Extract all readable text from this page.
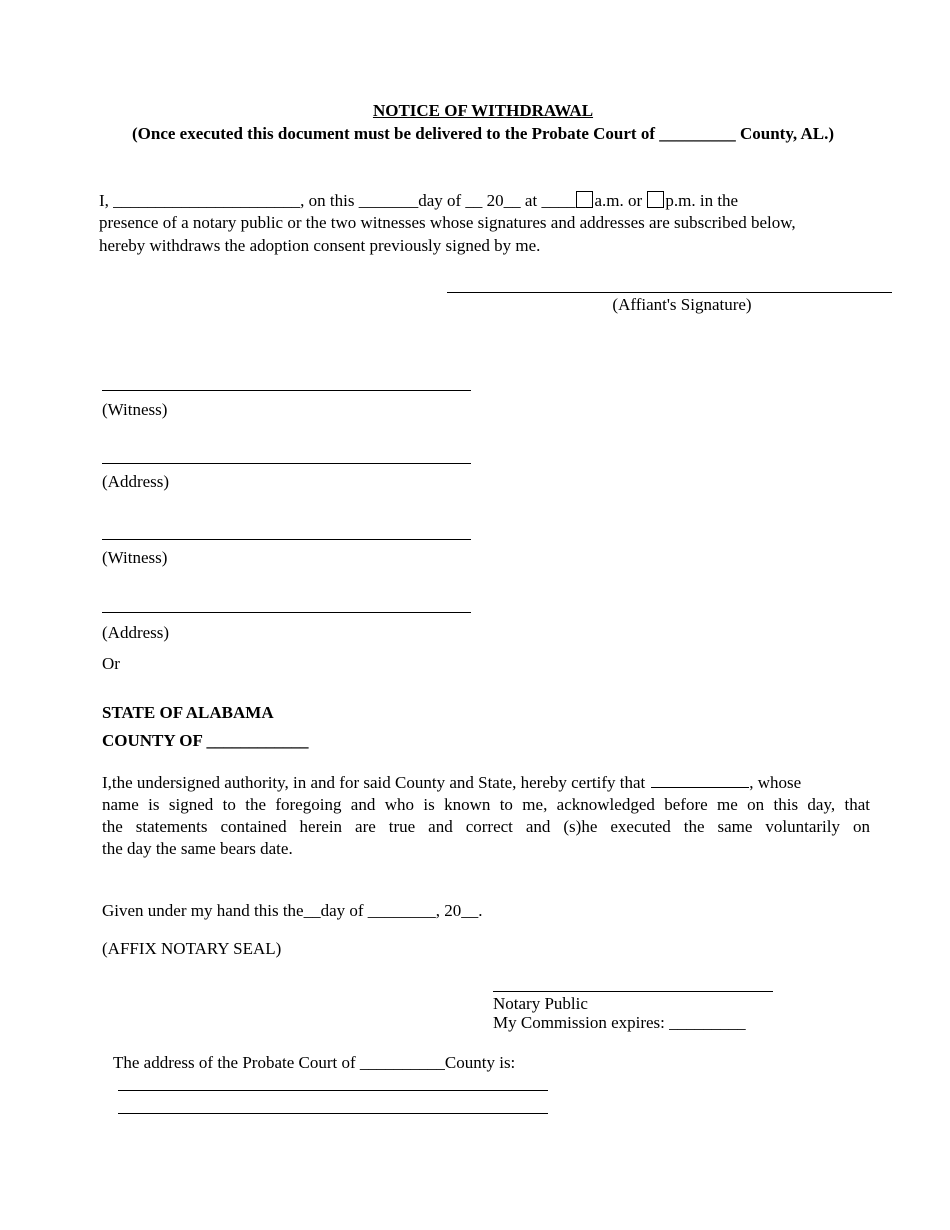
NOTICE OF WITHDRAWAL
(Once executed this document must be delivered to the Probate Court of _________ County, AL.)
I, ______________________, on this _______day of __ 20__ at ____ a.m. or p.m. in the
presence of a notary public or the two witnesses whose signatures and addresses are subscribed below,
hereby withdraws the adoption consent previously signed by me.
(Affiant's Signature)
(Witness)
(Address)
(Witness)
(Address)
Or
STATE OF ALABAMA
COUNTY OF ____________
I,the undersigned authority, in and for said County and State, hereby certify that	, whose
name is signed to the foregoing and who is known to me, acknowledged before me on this day, that
the statements contained herein are true and correct and (s)he executed the same voluntarily on
the day the same bears date.
Given under my hand this the__day of ________, 20__.
(AFFIX NOTARY SEAL)
Notary Public
My Commission expires: _________
The address of the Probate Court of __________County is:
